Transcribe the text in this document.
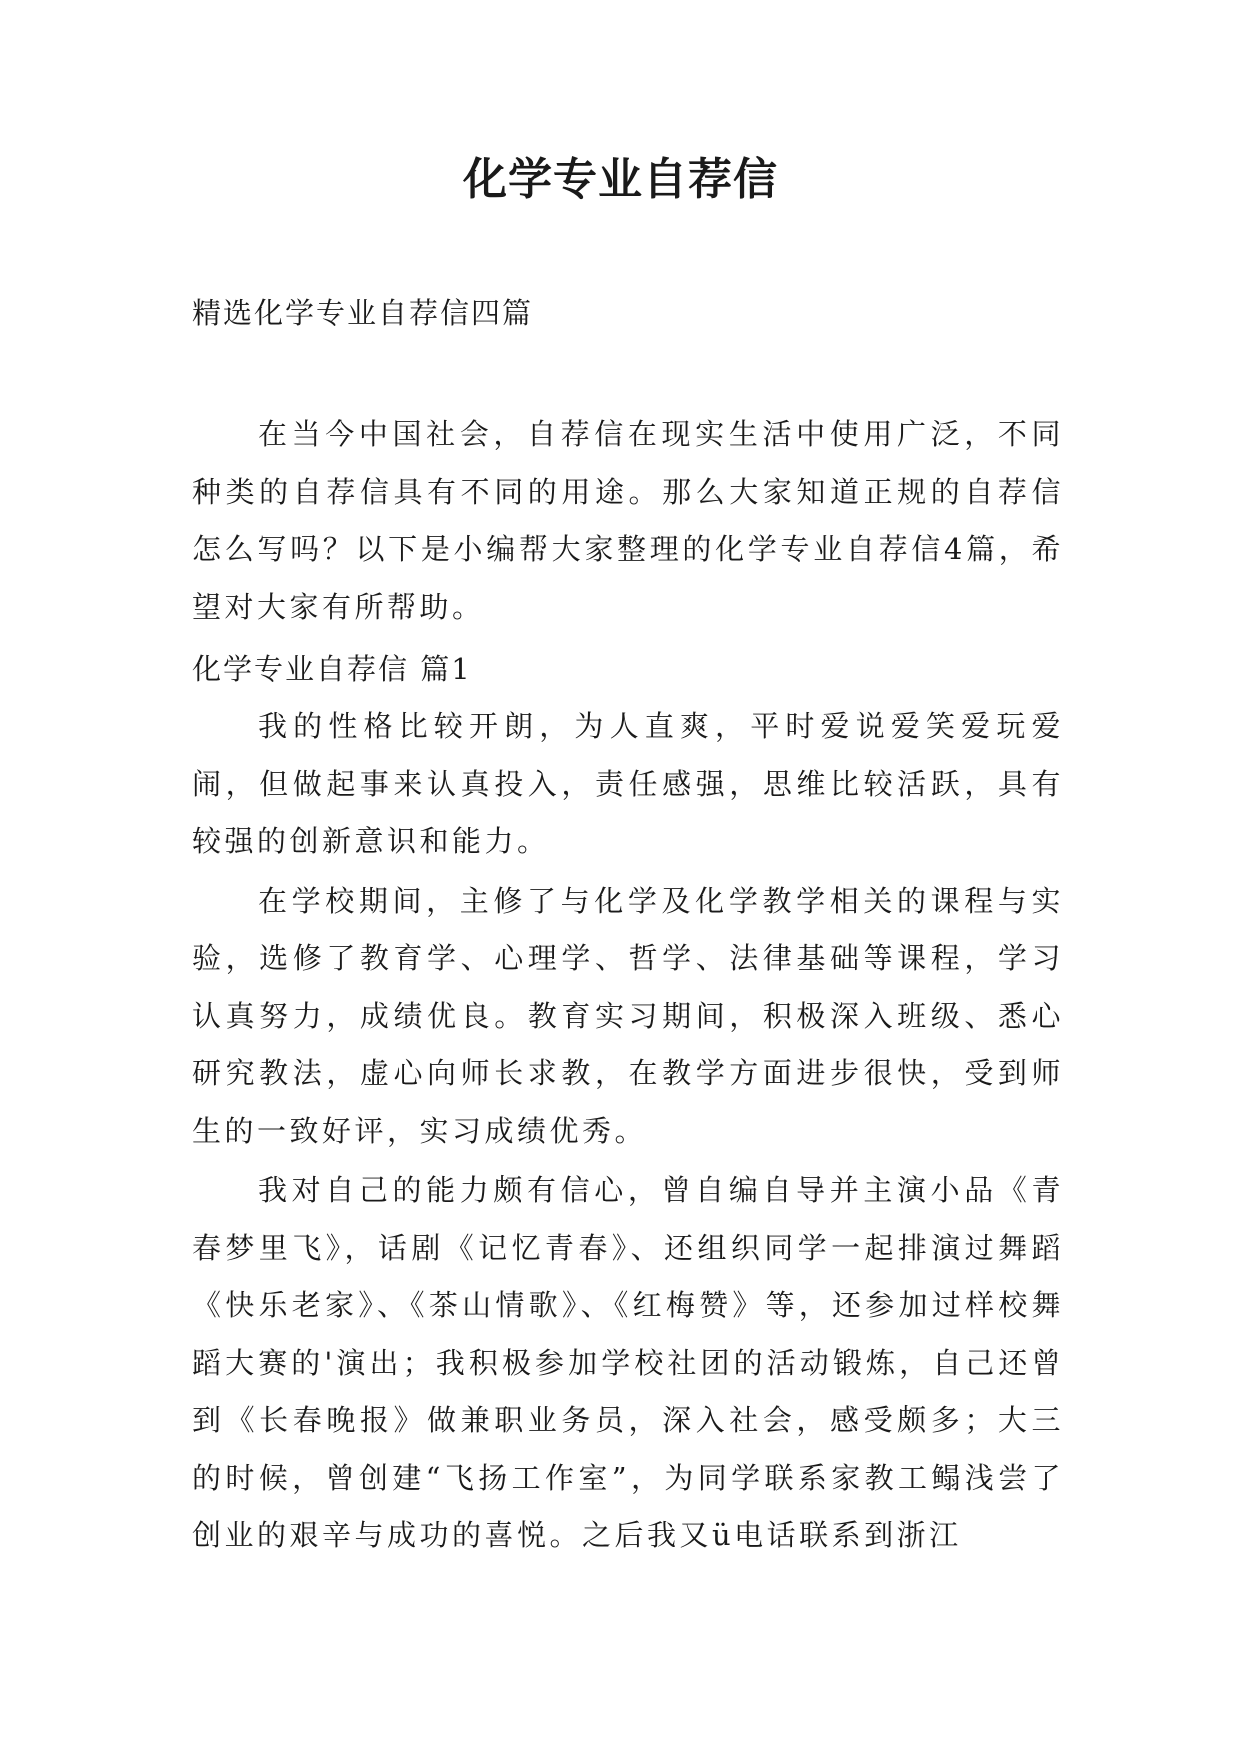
化学专业自荐信

精选化学专业自荐信四篇

在当今中国社会，自荐信在现实生活中使用广泛，不同种类的自荐信具有不同的用途。那么大家知道正规的自荐信怎么写吗？以下是小编帮大家整理的化学专业自荐信4篇，希望对大家有所帮助。

化学专业自荐信 篇1

我的性格比较开朗，为人直爽，平时爱说爱笑爱玩爱闹，但做起事来认真投入，责任感强，思维比较活跃，具有较强的创新意识和能力。

在学校期间，主修了与化学及化学教学相关的课程与实验，选修了教育学、心理学、哲学、法律基础等课程，学习认真努力，成绩优良。教育实习期间，积极深入班级、悉心研究教法，虚心向师长求教，在教学方面进步很快，受到师生的一致好评，实习成绩优秀。

我对自己的能力颇有信心，曾自编自导并主演小品《青春梦里飞》，话剧《记忆青春》、还组织同学一起排演过舞蹈《快乐老家》、《茶山情歌》、《红梅赞》等，还参加过样校舞蹈大赛的'演出；我积极参加学校社团的活动锻炼，自己还曾到《长春晚报》做兼职业务员，深入社会，感受颇多；大三的时候，曾创建“飞扬工作室”，为同学联系家教工鳎浅尝了创业的艰辛与成功的喜悦。之后我又ü电话联系到浙江
